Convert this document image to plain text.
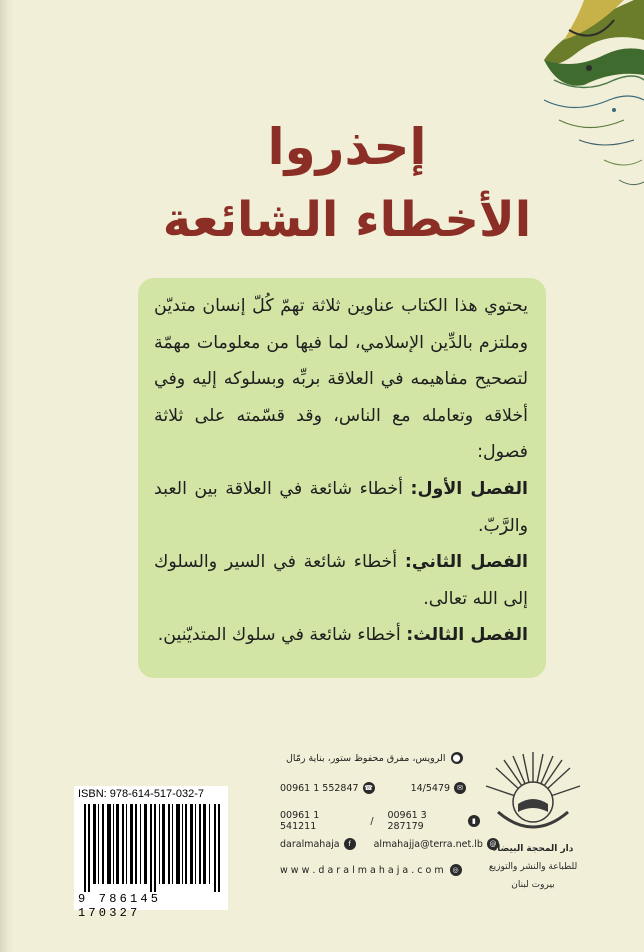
إحذروا
الأخطاء الشائعة

يحتوي هذا الكتاب عناوين ثلاثة تهمّ كُلّ إنسان متديّن وملتزم بالدِّين الإسلامي، لما فيها من معلومات مهمّة لتصحيح مفاهيمه في العلاقة بربِّه وبسلوكه إليه وفي أخلاقه وتعامله مع الناس، وقد قسّمته على ثلاثة فصول:

الفصل الأول: أخطاء شائعة في العلاقة بين العبد والرَّبّ.

الفصل الثاني: أخطاء شائعة في السير والسلوك إلى الله تعالى.

الفصل الثالث: أخطاء شائعة في سلوك المتديّنين.

ISBN: 978-614-517-032-7
9 786145 170327
⬤
الرويس، مفرق محفوظ ستور، بناية رمّال
00961 1 552847 ☎	14/5479	✉
00961 1 541211	/ 00961 3 287179	▮
daralmahaja	f	almahajja@terra.net.lb @
w w w . d a r a l m a h a j a . c o m	◎
دار المحجة البيضاء
للطباعة والنشر والتوزيع
بيروت لبنان
